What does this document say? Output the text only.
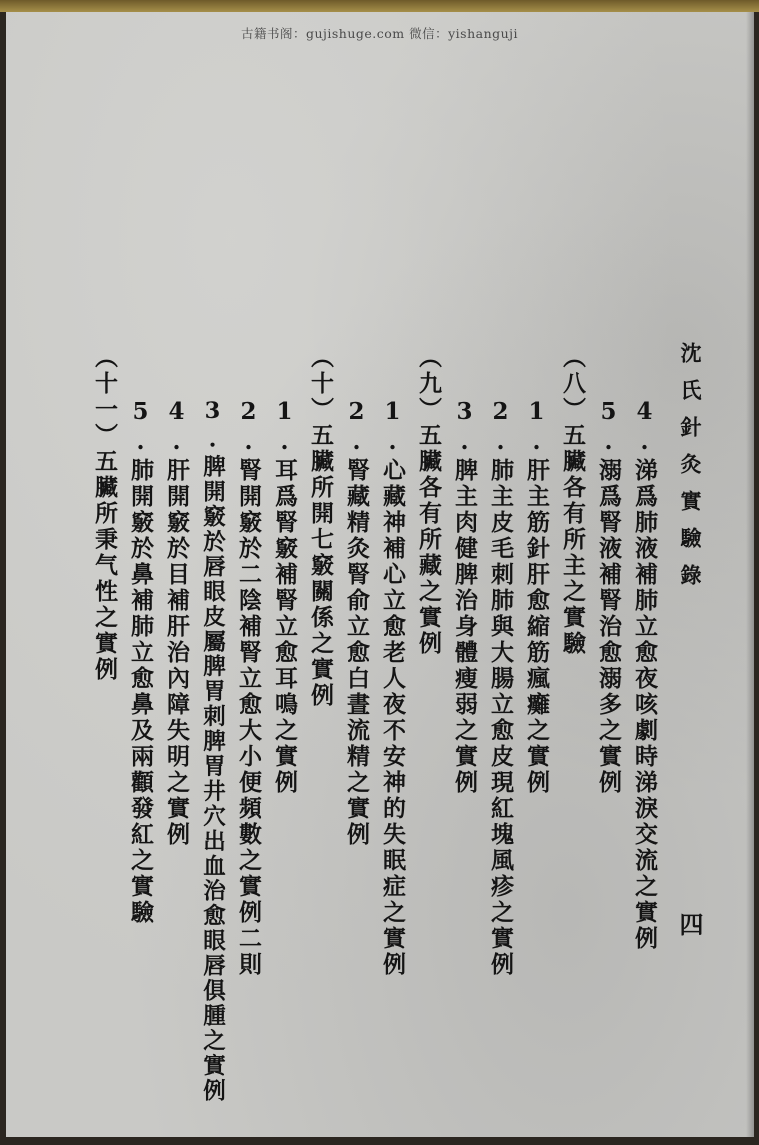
古籍书阁：gujishuge.com 微信：yishanguji
沈氏針灸實驗錄
四
4.涕爲肺液補肺立愈夜咳劇時涕淚交流之實例
5.溺爲腎液補腎治愈溺多之實例
（八）五臟各有所主之實驗
1.肝主筋針肝愈縮筋瘋癱之實例
2.肺主皮毛刺肺與大腸立愈皮現紅塊風疹之實例
3.脾主肉健脾治身體瘦弱之實例
（九）五臟各有所藏之實例
1.心藏神補心立愈老人夜不安神的失眠症之實例
2.腎藏精灸腎俞立愈白晝流精之實例
（十）五臟所開七竅關係之實例
1.耳爲腎竅補腎立愈耳鳴之實例
2.腎開竅於二陰補腎立愈大小便頻數之實例二則
3.脾開竅於唇眼皮屬脾胃刺脾胃井穴出血治愈眼唇俱腫之實例
4.肝開竅於目補肝治內障失明之實例
5.肺開竅於鼻補肺立愈鼻及兩顴發紅之實驗
（十一）五臟所秉气性之實例
